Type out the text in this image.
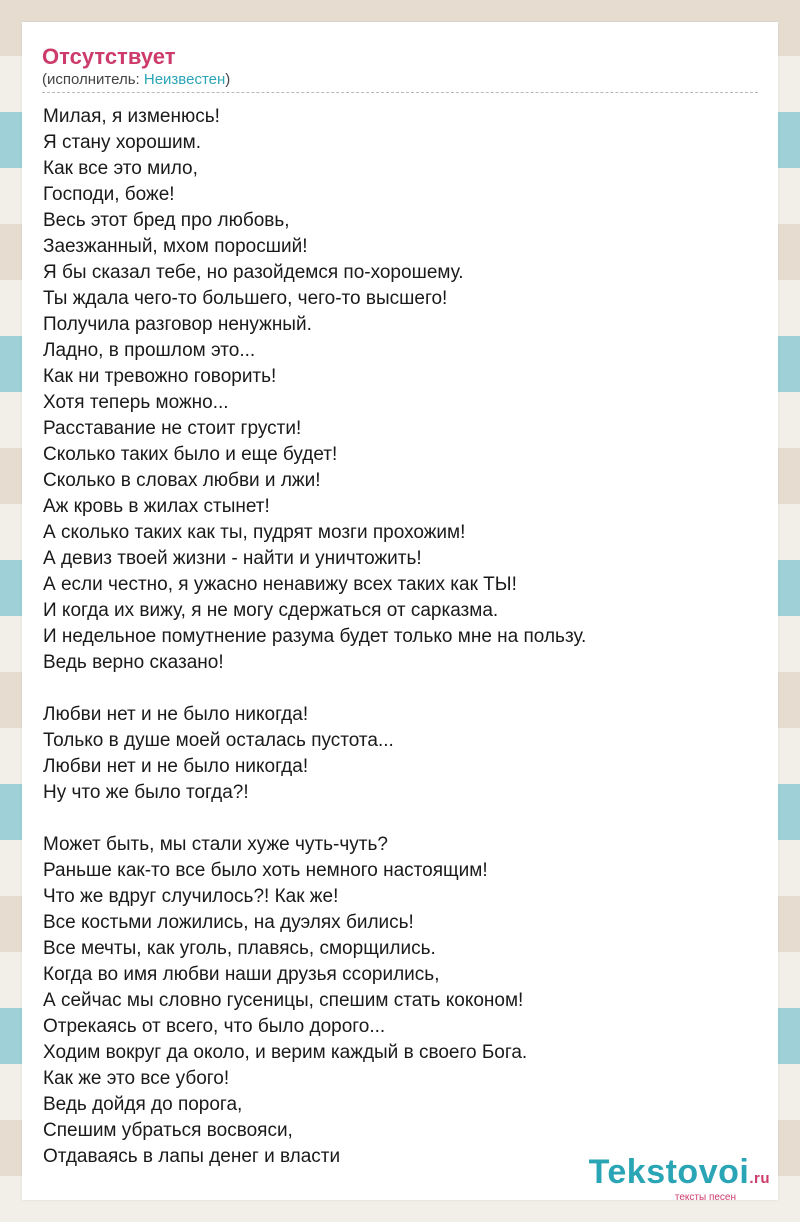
Отсутствует
(исполнитель: Неизвестен)
Милая, я изменюсь!
Я стану хорошим.
Как все это мило,
Господи, боже!
Весь этот бред про любовь,
Заезжанный, мхом поросший!
Я бы сказал тебе, но разойдемся по-хорошему.
Ты ждала чего-то большего, чего-то высшего!
Получила разговор ненужный.
Ладно, в прошлом это...
Как ни тревожно говорить!
Хотя теперь можно...
Расставание не стоит грусти!
Сколько таких было и еще будет!
Сколько в словах любви и лжи!
Аж кровь в жилах стынет!
А сколько таких как ты, пудрят мозги прохожим!
А девиз твоей жизни - найти и уничтожить!
А если честно, я ужасно ненавижу всех таких как ТЫ!
И когда их вижу, я не могу сдержаться от сарказма.
И недельное помутнение разума будет только мне на пользу.
Ведь верно сказано!
Любви нет и не было никогда!
Только в душе моей осталась пустота...
Любви нет и не было никогда!
Ну что же было тогда?!
Может быть, мы стали хуже чуть-чуть?
Раньше как-то все было хоть немного настоящим!
Что же вдруг случилось?! Как же!
Все костьми ложились, на дуэлях бились!
Все мечты, как уголь, плавясь, сморщились.
Когда во имя любви наши друзья ссорились,
А сейчас мы словно гусеницы, спешим стать коконом!
Отрекаясь от всего, что было дорого...
Ходим вокруг да около, и верим каждый в своего Бога.
Как же это все убого!
Ведь дойдя до порога,
Спешим убраться восвояси,
Отдаваясь в лапы денег и власти	Tekstovoi.ru
тексты песен
